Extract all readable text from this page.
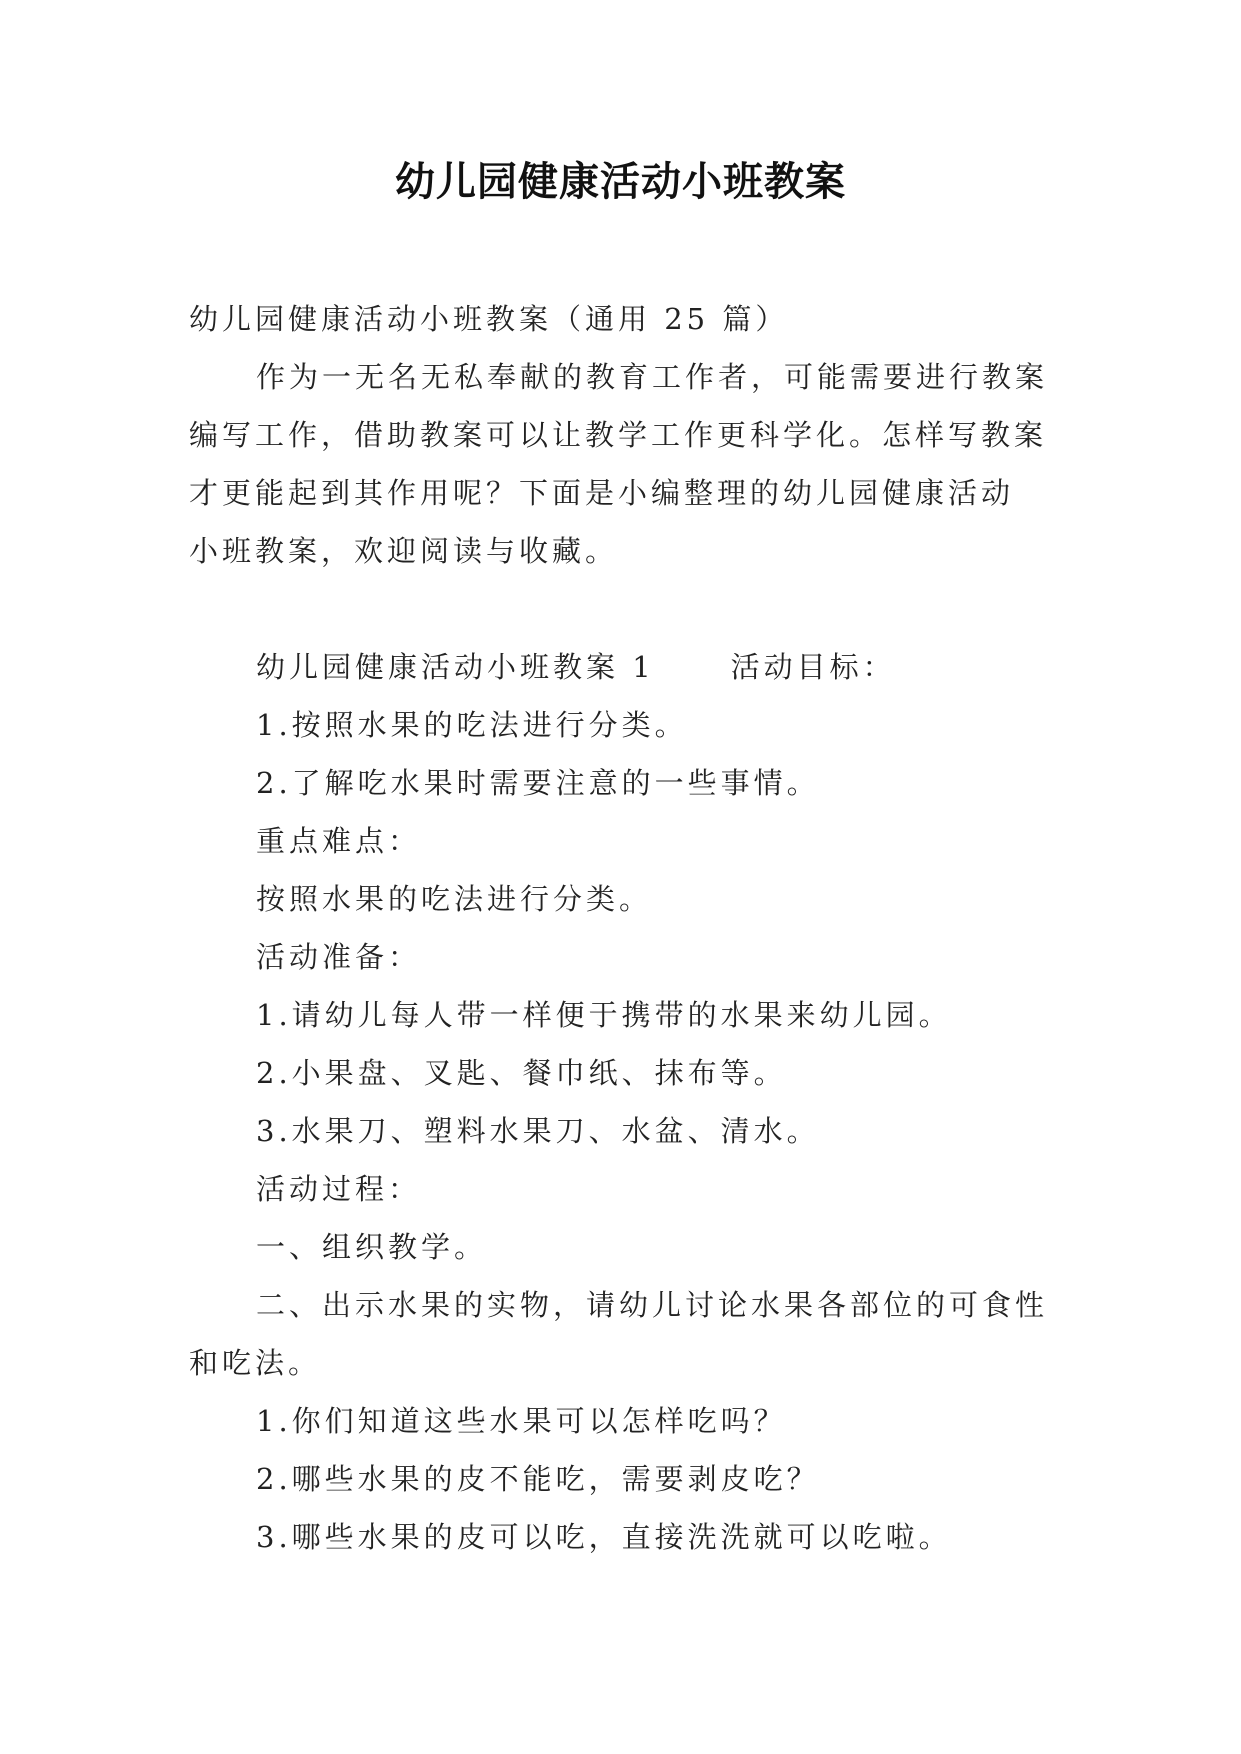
幼儿园健康活动小班教案
幼儿园健康活动小班教案（通用 25 篇）
作为一无名无私奉献的教育工作者，可能需要进行教案
编写工作，借助教案可以让教学工作更科学化。怎样写教案
才更能起到其作用呢？下面是小编整理的幼儿园健康活动
小班教案，欢迎阅读与收藏。
幼儿园健康活动小班教案 1	活动目标：
1.按照水果的吃法进行分类。
2.了解吃水果时需要注意的一些事情。
重点难点：
按照水果的吃法进行分类。
活动准备：
1.请幼儿每人带一样便于携带的水果来幼儿园。
2.小果盘、叉匙、餐巾纸、抹布等。
3.水果刀、塑料水果刀、水盆、清水。
活动过程：
一、组织教学。
二、出示水果的实物，请幼儿讨论水果各部位的可食性
和吃法。
1.你们知道这些水果可以怎样吃吗？
2.哪些水果的皮不能吃，需要剥皮吃？
3.哪些水果的皮可以吃，直接洗洗就可以吃啦。
